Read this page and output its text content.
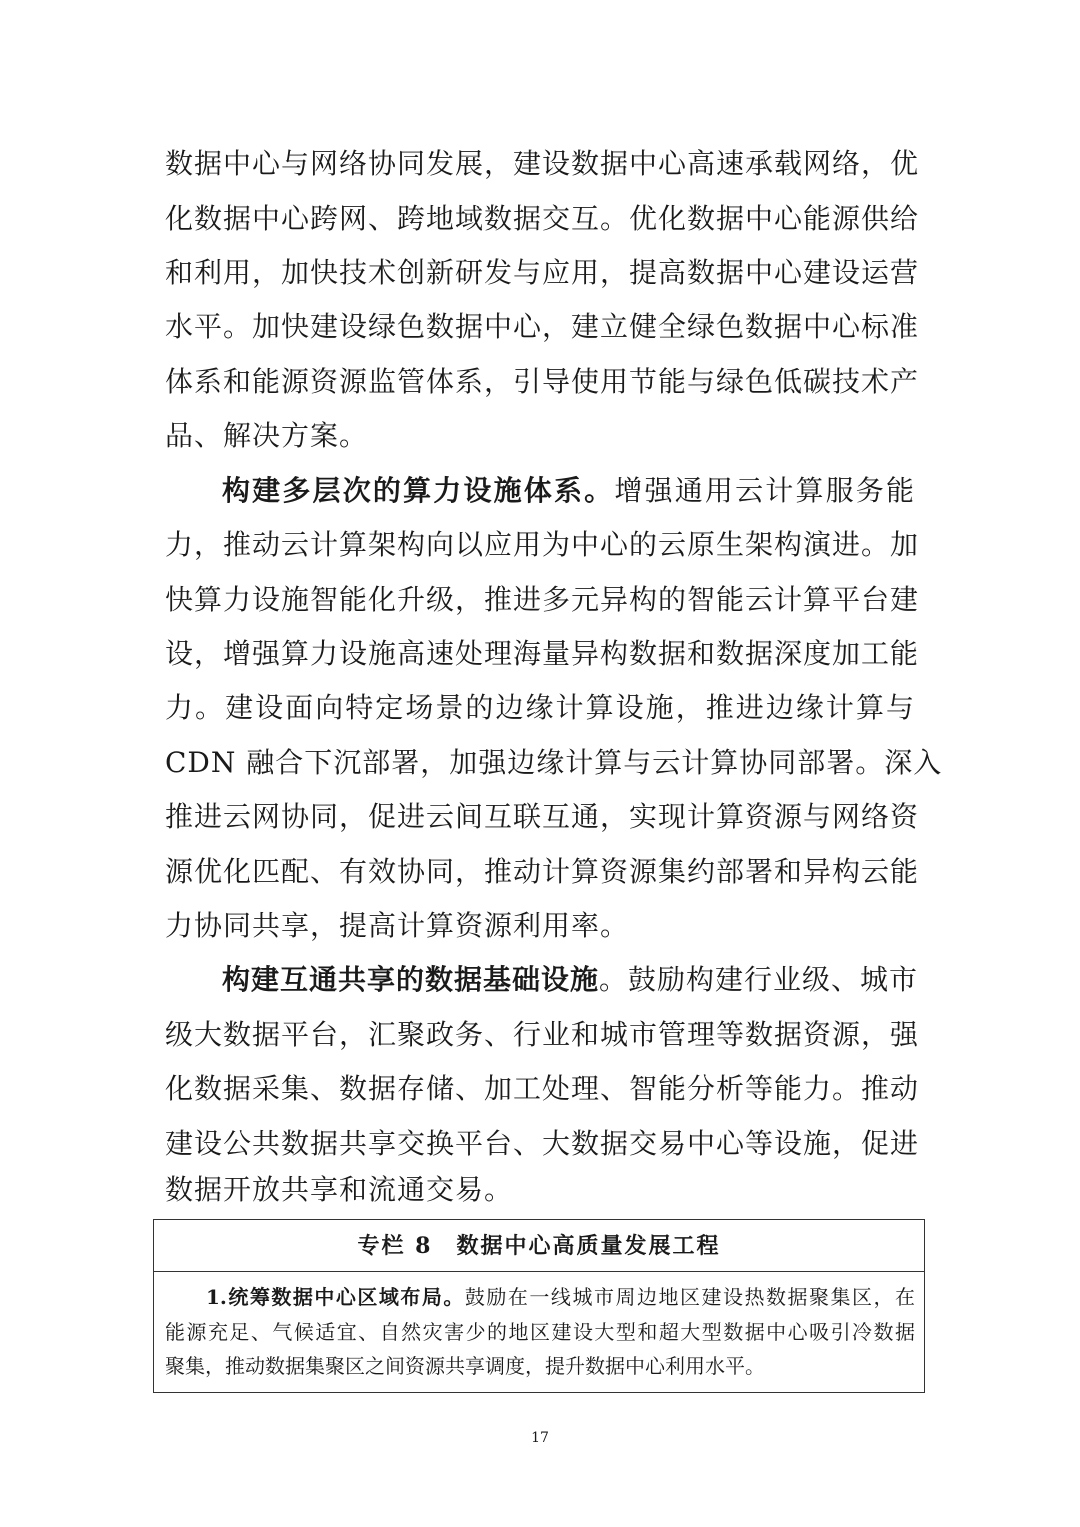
数据中心与网络协同发展，建设数据中心高速承载网络，优
化数据中心跨网、跨地域数据交互。优化数据中心能源供给
和利用，加快技术创新研发与应用，提高数据中心建设运营
水平。加快建设绿色数据中心，建立健全绿色数据中心标准
体系和能源资源监管体系，引导使用节能与绿色低碳技术产
品、解决方案。
构建多层次的算力设施体系。增强通用云计算服务能
力，推动云计算架构向以应用为中心的云原生架构演进。加
快算力设施智能化升级，推进多元异构的智能云计算平台建
设，增强算力设施高速处理海量异构数据和数据深度加工能
力。建设面向特定场景的边缘计算设施，推进边缘计算与
CDN 融合下沉部署，加强边缘计算与云计算协同部署。深入
推进云网协同，促进云间互联互通，实现计算资源与网络资
源优化匹配、有效协同，推动计算资源集约部署和异构云能
力协同共享，提高计算资源利用率。
构建互通共享的数据基础设施。鼓励构建行业级、城市
级大数据平台，汇聚政务、行业和城市管理等数据资源，强
化数据采集、数据存储、加工处理、智能分析等能力。推动
建设公共数据共享交换平台、大数据交易中心等设施，促进
数据开放共享和流通交易。
专栏 8　数据中心高质量发展工程
1.统筹数据中心区域布局。鼓励在一线城市周边地区建设热数据聚集区，在
能源充足、气候适宜、自然灾害少的地区建设大型和超大型数据中心吸引冷数据
聚集，推动数据集聚区之间资源共享调度，提升数据中心利用水平。
17
